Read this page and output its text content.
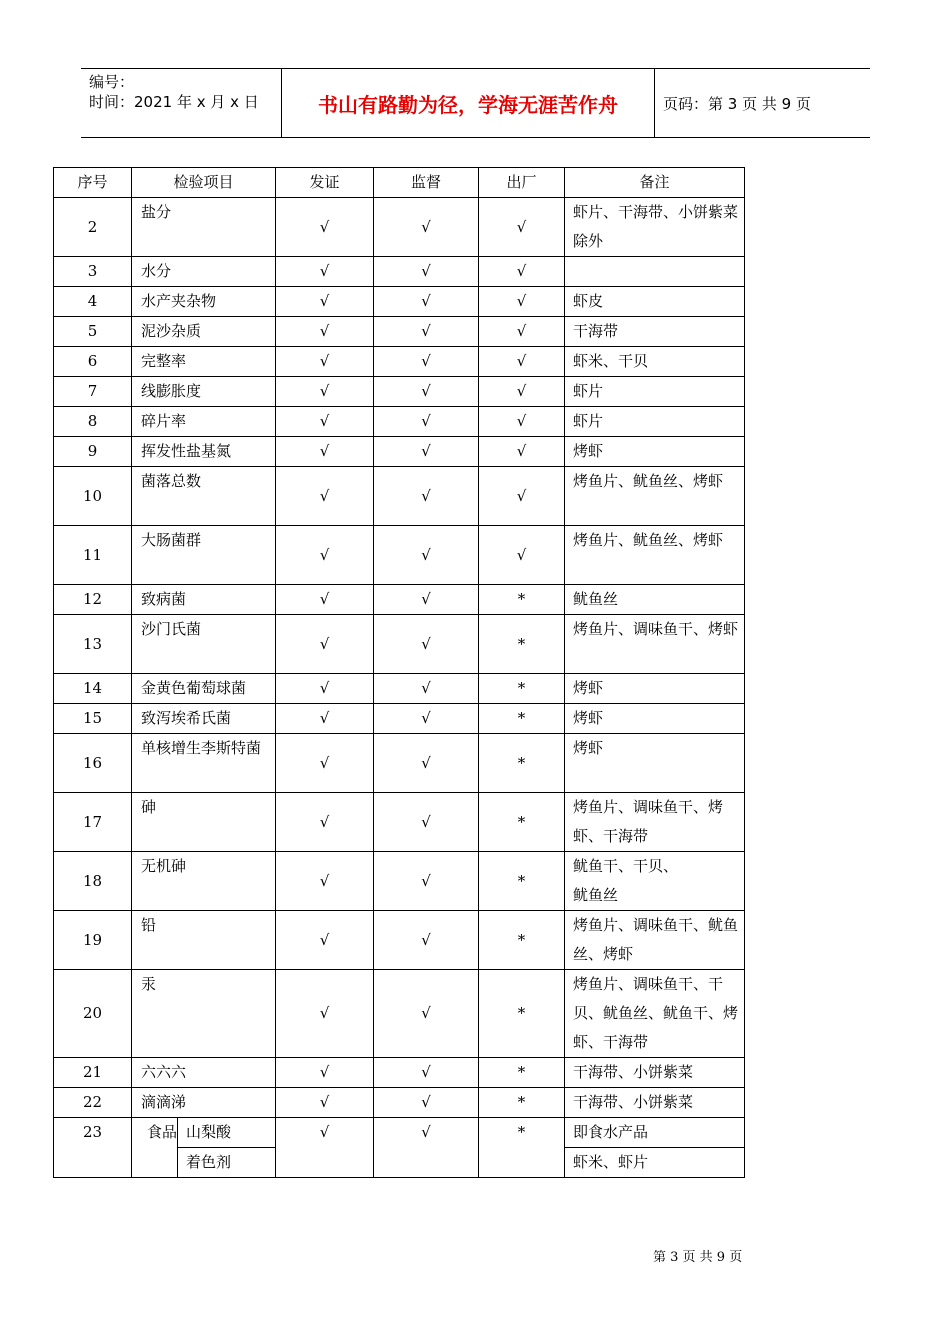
编号：
时间：2021 年 x 月 x 日	书山有路勤为径，学海无涯苦作舟	页码：第 3 页 共 9 页
序号	检验项目		发证	监督	出厂	备注
2	盐分		√	√	√	虾片、干海带、小饼紫菜除外
3	水分		√	√	√	
4	水产夹杂物		√	√	√	虾皮
5	泥沙杂质		√	√	√	干海带
6	完整率		√	√	√	虾米、干贝
7	线膨胀度		√	√	√	虾片
8	碎片率		√	√	√	虾片
9	挥发性盐基氮		√	√	√	烤虾
10	菌落总数		√	√	√	烤鱼片、鱿鱼丝、烤虾
11	大肠菌群		√	√	√	烤鱼片、鱿鱼丝、烤虾
12	致病菌		√	√	*	鱿鱼丝
13	沙门氏菌		√	√	*	烤鱼片、调味鱼干、烤虾
14	金黄色葡萄球菌		√	√	*	烤虾
15	致泻埃希氏菌		√	√	*	烤虾
16	单核增生李斯特菌		√	√	*	烤虾
17	砷		√	√	*	烤鱼片、调味鱼干、烤虾、干海带
18	无机砷		√	√	*	鱿鱼干、干贝、
鱿鱼丝
19	铅		√	√	*	烤鱼片、调味鱼干、鱿鱼丝、烤虾
20	汞		√	√	*	烤鱼片、调味鱼干、干贝、鱿鱼丝、鱿鱼干、烤虾、干海带
21	六六六		√	√	*	干海带、小饼紫菜
22	滴滴涕		√	√	*	干海带、小饼紫菜
23	食品	山梨酸	√	√	*	即食水产品
		着色剂				虾米、虾片
第 3 页 共 9 页
